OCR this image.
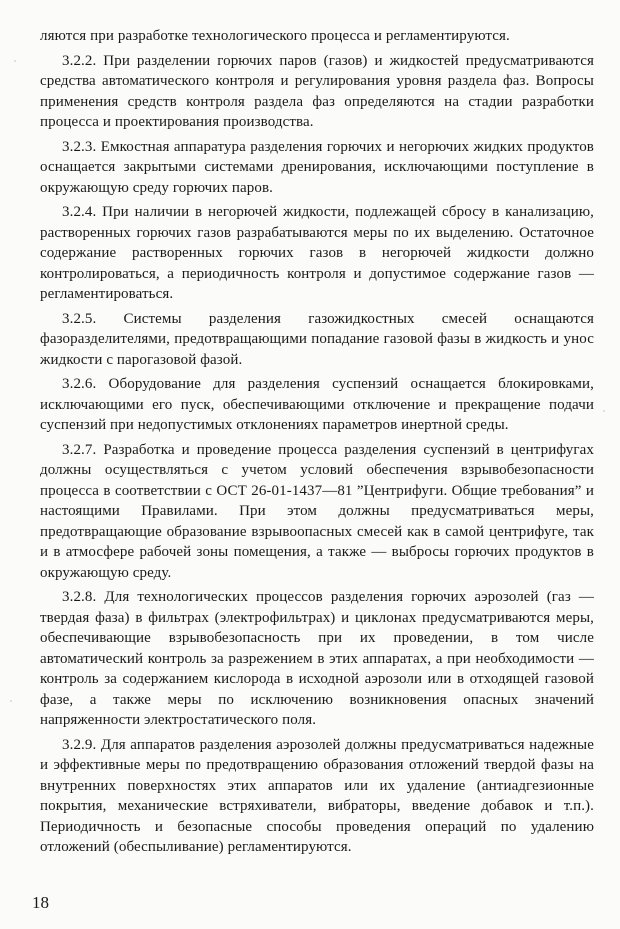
ляются при разработке технологического процесса и регламентируются.

3.2.2. При разделении горючих паров (газов) и жидкостей предусматриваются средства автоматического контроля и регулирования уровня раздела фаз. Вопросы применения средств контроля раздела фаз определяются на стадии разработки процесса и проектирования производства.

3.2.3. Емкостная аппаратура разделения горючих и негорючих жидких продуктов оснащается закрытыми системами дренирования, исключающими поступление в окружающую среду горючих паров.

3.2.4. При наличии в негорючей жидкости, подлежащей сбросу в канализацию, растворенных горючих газов разрабатываются меры по их выделению. Остаточное содержание растворенных горючих газов в негорючей жидкости должно контролироваться, а периодичность контроля и допустимое содержание газов — регламентироваться.

3.2.5. Системы разделения газожидкостных смесей оснащаются фазоразделителями, предотвращающими попадание газовой фазы в жидкость и унос жидкости с парогазовой фазой.

3.2.6. Оборудование для разделения суспензий оснащается блокировками, исключающими его пуск, обеспечивающими отключение и прекращение подачи суспензий при недопустимых отклонениях параметров инертной среды.

3.2.7. Разработка и проведение процесса разделения суспензий в центрифугах должны осуществляться с учетом условий обеспечения взрывобезопасности процесса в соответствии с ОСТ 26-01-1437—81 ”Центрифуги. Общие требования” и настоящими Правилами. При этом должны предусматриваться меры, предотвращающие образование взрывоопасных смесей как в самой центрифуге, так и в атмосфере рабочей зоны помещения, а также — выбросы горючих продуктов в окружающую среду.

3.2.8. Для технологических процессов разделения горючих аэрозолей (газ — твердая фаза) в фильтрах (электрофильтрах) и циклонах предусматриваются меры, обеспечивающие взрывобезопасность при их проведении, в том числе автоматический контроль за разрежением в этих аппаратах, а при необходимости — контроль за содержанием кислорода в исходной аэрозоли или в отходящей газовой фазе, а также меры по исключению возникновения опасных значений напряженности электростатического поля.

3.2.9. Для аппаратов разделения аэрозолей должны предусматриваться надежные и эффективные меры по предотвращению образования отложений твердой фазы на внутренних поверхностях этих аппаратов или их удаление (антиадгезионные покрытия, механические встряхиватели, вибраторы, введение добавок и т.п.). Периодичность и безопасные способы проведения операций по удалению отложений (обеспыливание) регламентируются.

18
